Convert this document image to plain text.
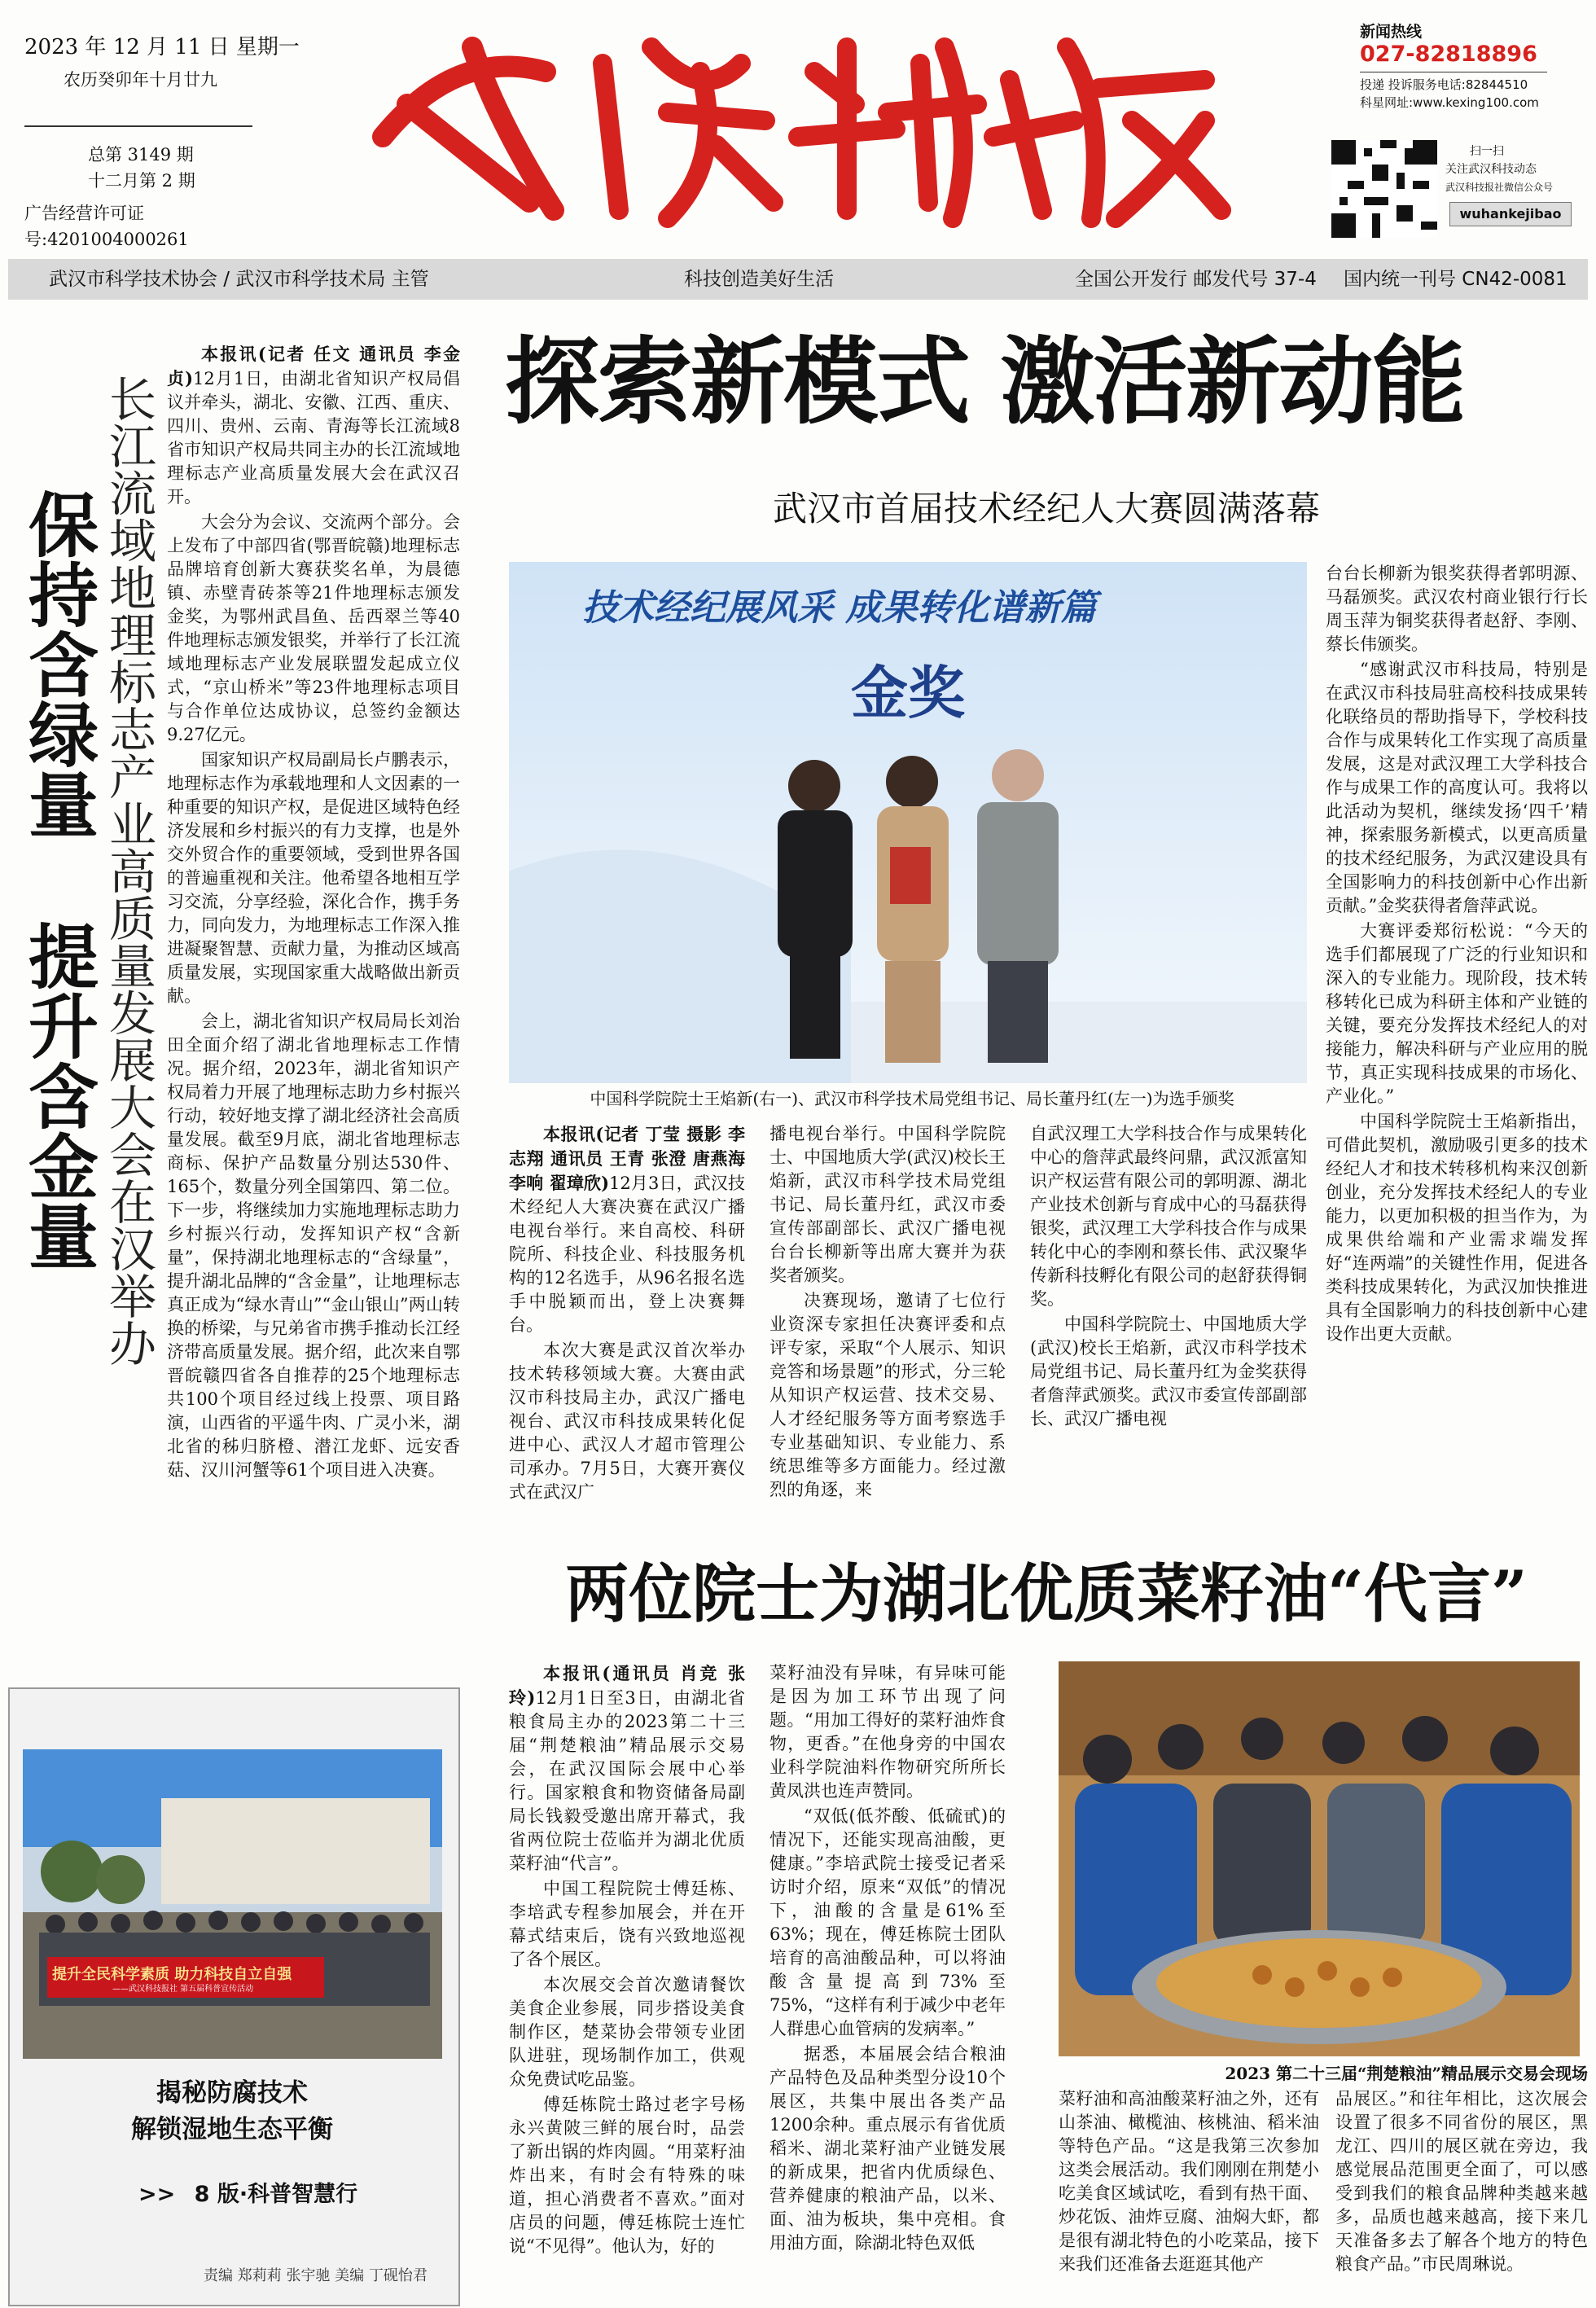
2023 年 12 月 11 日 星期一
农历癸卯年十月廿九
总第 3149 期
十二月第 2 期
广告经营许可证号:4201004000261
新闻热线
027-82818896
投递 投诉服务电话:82844510
科星网址:www.kexing100.com
扫一扫
关注武汉科技动态
武汉科技报社微信公众号
wuhankejibao
武汉市科学技术协会 / 武汉市科学技术局 主管	科技创造美好生活	全国公开发行 邮发代号 37-4 国内统一刊号 CN42-0081
保持含绿量 提升含金量 长江流域地理标志产业高质量发展大会在汉举办

本报讯(记者 任文 通讯员 李金贞)12月1日，由湖北省知识产权局倡议并牵头，湖北、安徽、江西、重庆、四川、贵州、云南、青海等长江流域8省市知识产权局共同主办的长江流域地理标志产业高质量发展大会在武汉召开。

大会分为会议、交流两个部分。会上发布了中部四省(鄂晋皖赣)地理标志品牌培育创新大赛获奖名单，为晨德镇、赤壁青砖茶等21件地理标志颁发金奖，为鄂州武昌鱼、岳西翠兰等40件地理标志颁发银奖，并举行了长江流域地理标志产业发展联盟发起成立仪式，“京山桥米”等23件地理标志项目与合作单位达成协议，总签约金额达9.27亿元。

国家知识产权局副局长卢鹏表示，地理标志作为承载地理和人文因素的一种重要的知识产权，是促进区域特色经济发展和乡村振兴的有力支撑，也是外交外贸合作的重要领域，受到世界各国的普遍重视和关注。他希望各地相互学习交流，分享经验，深化合作，携手务力，同向发力，为地理标志工作深入推进凝聚智慧、贡献力量，为推动区域高质量发展，实现国家重大战略做出新贡献。

会上，湖北省知识产权局局长刘治田全面介绍了湖北省地理标志工作情况。据介绍，2023年，湖北省知识产权局着力开展了地理标志助力乡村振兴行动，较好地支撑了湖北经济社会高质量发展。截至9月底，湖北省地理标志商标、保护产品数量分别达530件、165个，数量分列全国第四、第二位。下一步，将继续加力实施地理标志助力乡村振兴行动，发挥知识产权“含新量”，保持湖北地理标志的“含绿量”，提升湖北品牌的“含金量”，让地理标志真正成为“绿水青山”“金山银山”两山转换的桥梁，与兄弟省市携手推动长江经济带高质量发展。据介绍，此次来自鄂晋皖赣四省各自推荐的25个地理标志共100个项目经过线上投票、项目路演，山西省的平遥牛肉、广灵小米，湖北省的秭归脐橙、潜江龙虾、远安香菇、汉川河蟹等61个项目进入决赛。

提升全民科学素质 助力科技自立自强
——武汉科技报社 第五届科普宣传活动
揭秘防腐技术
解锁湿地生态平衡
>> 8 版·科普智慧行
责编 郑莉莉 张宇驰 美编 丁砚怡君
探索新模式 激活新动能
武汉市首届技术经纪人大赛圆满落幕
技术经纪展风采 成果转化谱新篇
金奖
中国科学院院士王焰新(右一)、武汉市科学技术局党组书记、局长董丹红(左一)为选手颁奖

本报讯(记者 丁莹 摄影 李志翔 通讯员 王青 张澄 唐燕海 李响 翟璋欣)12月3日，武汉技术经纪人大赛决赛在武汉广播电视台举行。来自高校、科研院所、科技企业、科技服务机构的12名选手，从96名报名选手中脱颖而出，登上决赛舞台。

本次大赛是武汉首次举办技术转移领域大赛。大赛由武汉市科技局主办，武汉广播电视台、武汉市科技成果转化促进中心、武汉人才超市管理公司承办。7月5日，大赛开赛仪式在武汉广

播电视台举行。中国科学院院士、中国地质大学(武汉)校长王焰新，武汉市科学技术局党组书记、局长董丹红，武汉市委宣传部副部长、武汉广播电视台台长柳新等出席大赛并为获奖者颁奖。

决赛现场，邀请了七位行业资深专家担任决赛评委和点评专家，采取“个人展示、知识竞答和场景题”的形式，分三轮从知识产权运营、技术交易、人才经纪服务等方面考察选手专业基础知识、专业能力、系统思维等多方面能力。经过激烈的角逐，来

自武汉理工大学科技合作与成果转化中心的詹萍武最终问鼎，武汉派富知识产权运营有限公司的郭明源、湖北产业技术创新与育成中心的马磊获得银奖，武汉理工大学科技合作与成果转化中心的李刚和蔡长伟、武汉聚华传新科技孵化有限公司的赵舒获得铜奖。

中国科学院院士、中国地质大学(武汉)校长王焰新，武汉市科学技术局党组书记、局长董丹红为金奖获得者詹萍武颁奖。武汉市委宣传部副部长、武汉广播电视

台台长柳新为银奖获得者郭明源、马磊颁奖。武汉农村商业银行行长周玉萍为铜奖获得者赵舒、李刚、蔡长伟颁奖。

“感谢武汉市科技局，特别是在武汉市科技局驻高校科技成果转化联络员的帮助指导下，学校科技合作与成果转化工作实现了高质量发展，这是对武汉理工大学科技合作与成果工作的高度认可。我将以此活动为契机，继续发扬‘四千’精神，探索服务新模式，以更高质量的技术经纪服务，为武汉建设具有全国影响力的科技创新中心作出新贡献。”金奖获得者詹萍武说。

大赛评委郑衍松说：“今天的选手们都展现了广泛的行业知识和深入的专业能力。现阶段，技术转移转化已成为科研主体和产业链的关键，要充分发挥技术经纪人的对接能力，解决科研与产业应用的脱节，真正实现科技成果的市场化、产业化。”

中国科学院院士王焰新指出，可借此契机，激励吸引更多的技术经纪人才和技术转移机构来汉创新创业，充分发挥技术经纪人的专业能力，以更加积极的担当作为，为成果供给端和产业需求端发挥好“连两端”的关键性作用，促进各类科技成果转化，为武汉加快推进具有全国影响力的科技创新中心建设作出更大贡献。

两位院士为湖北优质菜籽油“代言”

本报讯(通讯员 肖竞 张玲)12月1日至3日，由湖北省粮食局主办的2023第二十三届“荆楚粮油”精品展示交易会，在武汉国际会展中心举行。国家粮食和物资储备局副局长钱毅受邀出席开幕式，我省两位院士莅临并为湖北优质菜籽油“代言”。

中国工程院院士傅廷栋、李培武专程参加展会，并在开幕式结束后，饶有兴致地巡视了各个展区。

本次展交会首次邀请餐饮美食企业参展，同步搭设美食制作区，楚菜协会带领专业团队进驻，现场制作加工，供观众免费试吃品鉴。

傅廷栋院士路过老字号杨永兴黄陂三鲜的展台时，品尝了新出锅的炸肉圆。“用菜籽油炸出来，有时会有特殊的味道，担心消费者不喜欢。”面对店员的问题，傅廷栋院士连忙说“不见得”。他认为，好的

菜籽油没有异味，有异味可能是因为加工环节出现了问题。“用加工得好的菜籽油炸食物，更香。”在他身旁的中国农业科学院油料作物研究所所长黄凤洪也连声赞同。

“双低(低芥酸、低硫甙)的情况下，还能实现高油酸，更健康。”李培武院士接受记者采访时介绍，原来“双低”的情况下，油酸的含量是61%至63%；现在，傅廷栋院士团队培育的高油酸品种，可以将油酸含量提高到73%至75%，“这样有利于减少中老年人群患心血管病的发病率。”

据悉，本届展会结合粮油产品特色及品种类型分设10个展区，共集中展出各类产品1200余种。重点展示有省优质稻米、湖北菜籽油产业链发展的新成果，把省内优质绿色、营养健康的粮油产品，以米、面、油为板块，集中亮相。食用油方面，除湖北特色双低

2023 第二十三届“荆楚粮油”精品展示交易会现场

菜籽油和高油酸菜籽油之外，还有山茶油、橄榄油、核桃油、稻米油等特色产品。“这是我第三次参加这类会展活动。我们刚刚在荆楚小吃美食区域试吃，看到有热干面、炒花饭、油炸豆腐、油焖大虾，都是很有湖北特色的小吃菜品，接下来我们还准备去逛逛其他产

品展区。”和往年相比，这次展会设置了很多不同省份的展区，黑龙江、四川的展区就在旁边，我感觉展品范围更全面了，可以感受到我们的粮食品牌种类越来越多，品质也越来越高，接下来几天准备多去了解各个地方的特色粮食产品。”市民周琳说。
